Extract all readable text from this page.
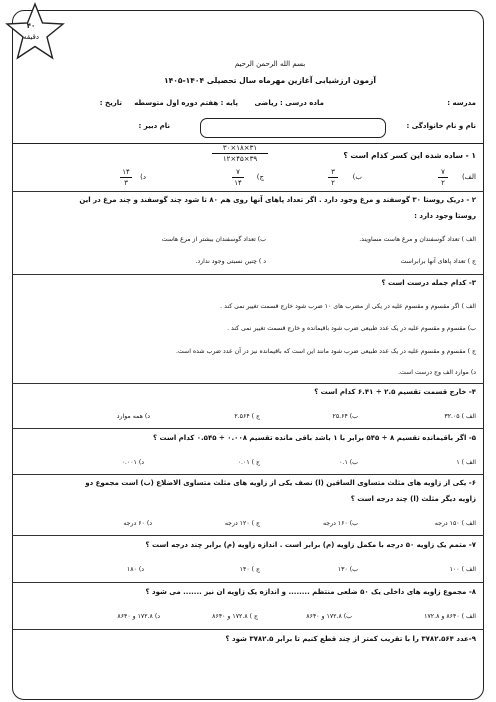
۴۰
دقیقه
بسم الله الرحمن الرحیم
آزمون ارزشیابی آغازین مهرماه سال تحصیلی ۱۴۰۴-۱۴۰۵
مدرسه :
ماده درسی : ریاضی
پایه : هفتم دوره اول متوسطه
تاریخ :
نام و نام خانوادگی :
نام دبیر :
۳۰×۱۸×۳۱
۱۲×۴۵×۳۹	۱ - ساده شده این کسر کدام است ؟
الف)
۷
۲
ب)
۳
۲
ج)
۷
۱۴
د)
۱۴
۳
۲ - دریک روستا ۳۰ گوسفند و مرغ وجود دارد . اگر تعداد پاهای آنها روی هم ۸۰ تا شود چند گوسفند و چند مرغ در این
روستا وجود دارد :
الف ) تعداد گوسفندان و مرغ هاست مساویند.
ب) تعداد گوسفندان بیشتر از مرغ هاست
ج ) تعداد پاهای آنها برابراست
د ) چنین نسبتی وجود ندارد.
۳- کدام جمله درست است ؟
الف ) اگر مقسوم و مقسوم علیه در یکی از مضرب های ۱۰ ضرب شود خارج قسمت تغییر نمی کند .
ب) مقسوم و مقسوم علیه در یک عدد طبیعی ضرب شود باقیمانده و خارج قسمت تغییر نمی کند .
ج ) مقسوم و مقسوم علیه در یک عدد طبیعی ضرب شود مانند این است که باقیمانده نیز در آن عدد ضرب شده است.
د) موارد الف وج درست است.
۴- خارج قسمت تقسیم ۲.۵ ÷ ۶.۴۱ کدام است ؟
الف ) ۳۲.۰۵
ب) ۲۵.۶۴
ج ) ۲.۵۶۴
د) همه موارد
۵- اگر باقیمانده تقسیم ۸ ÷ ۵۴۵ برابر با ۱ باشد باقی مانده تقسیم ۰.۰۰۸ ÷ ۰.۵۴۵ کدام است ؟
الف ) ۱
ب) ۰.۱
ج ) ۰.۰۱
د) ۰.۰۰۱
۶- یکی از زاویه های مثلث متساوی الساقین (ا) نصف یکی از زاویه های مثلث متساوی الاضلاع (ب) است مجموع دو
زاویه دیگر مثلث (ا) چند درجه است ؟
الف ) ۱۵۰ درجه
ب) ۱۶۰ درجه
ج ) ۱۲۰ درجه
د) ۶۰ درجه
۷- متمم یک زاویه ۵۰ درجه با مکمل زاویه (م) برابر است . اندازه زاویه (م) برابر چند درجه است ؟
الف ) ۱۰۰
ب) ۱۳۰
ج ) ۱۴۰
د) ۱۸۰
۸- مجموع زاویه های داخلی یک ۵۰ ضلعی منتظم ........ و اندازه یک زاویه ان نیز ....... می شود ؟
الف ) ۸۶۴۰ و ۱۷۲.۸
ب) ۱۷۲.۸ و ۸۶۴۰
ج ) ۱۷۲.۸ و ۸۶۴۰
د) ۱۷۲.۸ و ۸۶۴۰
۹-عدد ۳۷۸۲.۵۶۴ را با تقریب کمتر از چند قطع کنیم تا برابر ۳۷۸۲.۵ شود ؟
